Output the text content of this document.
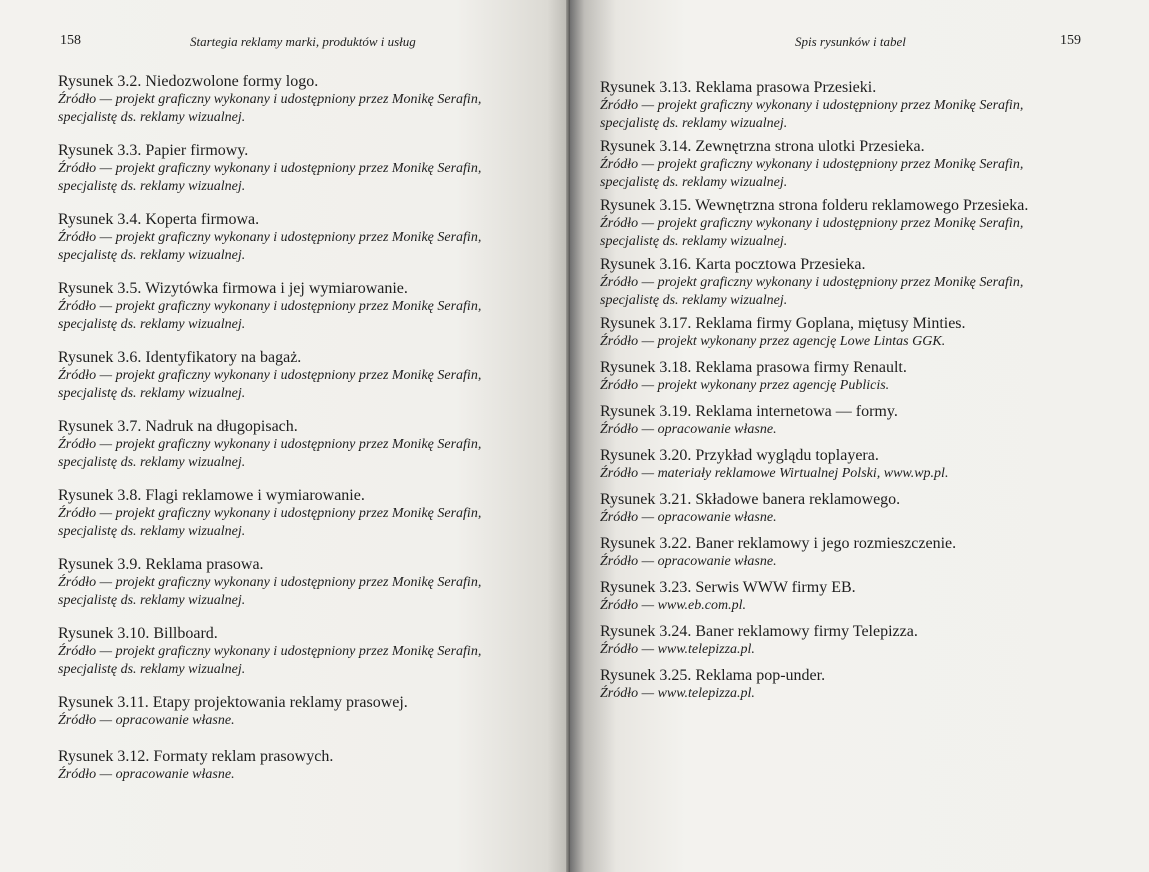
158	Startegia reklamy marki, produktów i usług
Rysunek 3.2. Niedozwolone formy logo.
Źródło — projekt graficzny wykonany i udostępniony przez Monikę Serafin,
specjalistę ds. reklamy wizualnej.
Rysunek 3.3. Papier firmowy.
Źródło — projekt graficzny wykonany i udostępniony przez Monikę Serafin,
specjalistę ds. reklamy wizualnej.
Rysunek 3.4. Koperta firmowa.
Źródło — projekt graficzny wykonany i udostępniony przez Monikę Serafin,
specjalistę ds. reklamy wizualnej.
Rysunek 3.5. Wizytówka firmowa i jej wymiarowanie.
Źródło — projekt graficzny wykonany i udostępniony przez Monikę Serafin,
specjalistę ds. reklamy wizualnej.
Rysunek 3.6. Identyfikatory na bagaż.
Źródło — projekt graficzny wykonany i udostępniony przez Monikę Serafin,
specjalistę ds. reklamy wizualnej.
Rysunek 3.7. Nadruk na długopisach.
Źródło — projekt graficzny wykonany i udostępniony przez Monikę Serafin,
specjalistę ds. reklamy wizualnej.
Rysunek 3.8. Flagi reklamowe i wymiarowanie.
Źródło — projekt graficzny wykonany i udostępniony przez Monikę Serafin,
specjalistę ds. reklamy wizualnej.
Rysunek 3.9. Reklama prasowa.
Źródło — projekt graficzny wykonany i udostępniony przez Monikę Serafin,
specjalistę ds. reklamy wizualnej.
Rysunek 3.10. Billboard.
Źródło — projekt graficzny wykonany i udostępniony przez Monikę Serafin,
specjalistę ds. reklamy wizualnej.
Rysunek 3.11. Etapy projektowania reklamy prasowej.
Źródło — opracowanie własne.
Rysunek 3.12. Formaty reklam prasowych.
Źródło — opracowanie własne.
Spis rysunków i tabel	159
Rysunek 3.13. Reklama prasowa Przesieki.
Źródło — projekt graficzny wykonany i udostępniony przez Monikę Serafin,
specjalistę ds. reklamy wizualnej.
Rysunek 3.14. Zewnętrzna strona ulotki Przesieka.
Źródło — projekt graficzny wykonany i udostępniony przez Monikę Serafin,
specjalistę ds. reklamy wizualnej.
Rysunek 3.15. Wewnętrzna strona folderu reklamowego Przesieka.
Źródło — projekt graficzny wykonany i udostępniony przez Monikę Serafin,
specjalistę ds. reklamy wizualnej.
Rysunek 3.16. Karta pocztowa Przesieka.
Źródło — projekt graficzny wykonany i udostępniony przez Monikę Serafin,
specjalistę ds. reklamy wizualnej.
Rysunek 3.17. Reklama firmy Goplana, miętusy Minties.
Źródło — projekt wykonany przez agencję Lowe Lintas GGK.
Rysunek 3.18. Reklama prasowa firmy Renault.
Źródło — projekt wykonany przez agencję Publicis.
Rysunek 3.19. Reklama internetowa — formy.
Źródło — opracowanie własne.
Rysunek 3.20. Przykład wyglądu toplayera.
Źródło — materiały reklamowe Wirtualnej Polski, www.wp.pl.
Rysunek 3.21. Składowe banera reklamowego.
Źródło — opracowanie własne.
Rysunek 3.22. Baner reklamowy i jego rozmieszczenie.
Źródło — opracowanie własne.
Rysunek 3.23. Serwis WWW firmy EB.
Źródło — www.eb.com.pl.
Rysunek 3.24. Baner reklamowy firmy Telepizza.
Źródło — www.telepizza.pl.
Rysunek 3.25. Reklama pop-under.
Źródło — www.telepizza.pl.
